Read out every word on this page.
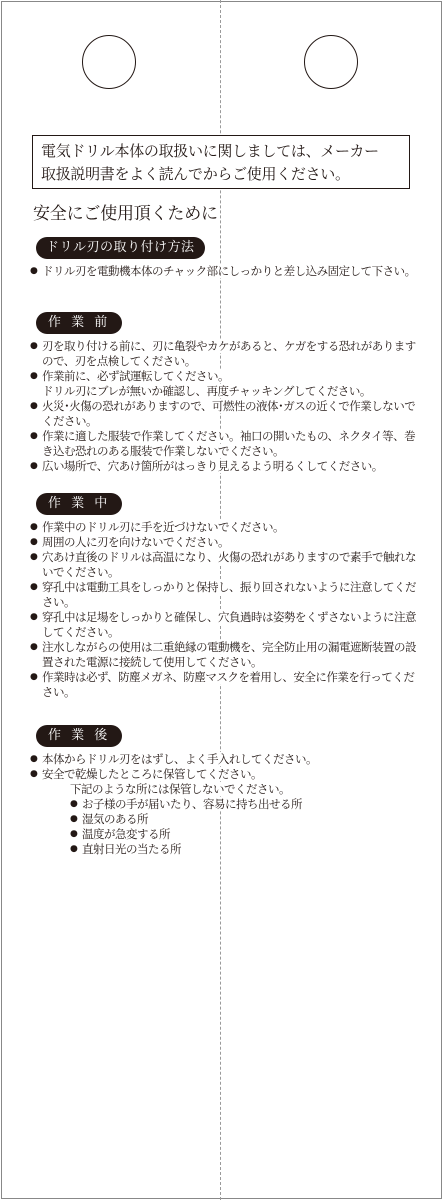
電気ドリル本体の取扱いに関しましては、メーカー
取扱説明書をよく読んでからご使用ください。
安全にご使用頂くために
ドリル刃の取り付け方法
● ドリル刃を電動機本体のチャック部にしっかりと差し込み固定して下さい。
作 業 前
● 刃を取り付ける前に、刃に亀裂やカケがあると、ケガをする恐れがありますので、刃を点検してください。
● 作業前に、必ず試運転してください。
ドリル刃にブレが無いか確認し、再度チャッキングしてください。
● 火災･火傷の恐れがありますので、可燃性の液体･ガスの近くで作業しないでください。
● 作業に適した服装で作業してください。袖口の開いたもの、ネクタイ等、巻き込む恐れのある服装で作業しないでください。
● 広い場所で、穴あけ箇所がはっきり見えるよう明るくしてください。
作 業 中
● 作業中のドリル刃に手を近づけないでください。
● 周囲の人に刃を向けないでください。
● 穴あけ直後のドリルは高温になり、火傷の恐れがありますので素手で触れないでください。
● 穿孔中は電動工具をしっかりと保持し、振り回されないように注意してください。
● 穿孔中は足場をしっかりと確保し、穴負過時は姿勢をくずさないように注意してください。
● 注水しながらの使用は二重絶縁の電動機を、完全防止用の漏電遮断装置の設置された電源に接続して使用してください。
● 作業時は必ず、防塵メガネ、防塵マスクを着用し、安全に作業を行ってください。
作 業 後
● 本体からドリル刃をはずし、よく手入れしてください。
● 安全で乾燥したところに保管してください。
下記のような所には保管しないでください。
● お子様の手が届いたり、容易に持ち出せる所
● 湿気のある所
● 温度が急変する所
● 直射日光の当たる所
